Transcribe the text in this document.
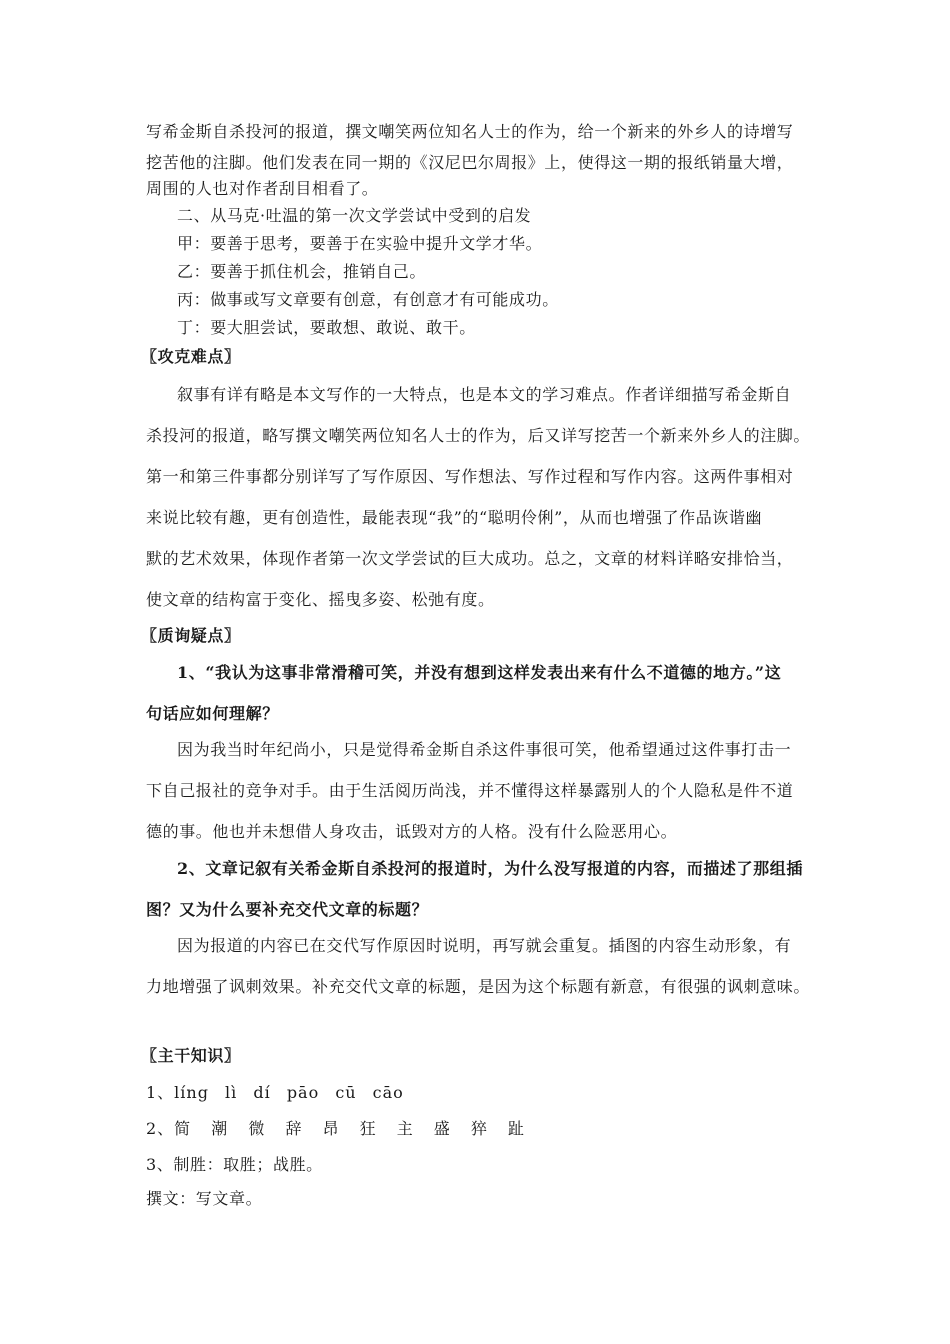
写希金斯自杀投河的报道，撰文嘲笑两位知名人士的作为，给一个新来的外乡人的诗增写
挖苦他的注脚。他们发表在同一期的《汉尼巴尔周报》上，使得这一期的报纸销量大增，
周围的人也对作者刮目相看了。
二、从马克·吐温的第一次文学尝试中受到的启发
甲：要善于思考，要善于在实验中提升文学才华。
乙：要善于抓住机会，推销自己。
丙：做事或写文章要有创意，有创意才有可能成功。
丁：要大胆尝试，要敢想、敢说、敢干。
〖攻克难点〗
叙事有详有略是本文写作的一大特点，也是本文的学习难点。作者详细描写希金斯自
杀投河的报道，略写撰文嘲笑两位知名人士的作为，后又详写挖苦一个新来外乡人的注脚。
第一和第三件事都分别详写了写作原因、写作想法、写作过程和写作内容。这两件事相对
来说比较有趣，更有创造性，最能表现“我”的“聪明伶俐”，从而也增强了作品诙谐幽
默的艺术效果，体现作者第一次文学尝试的巨大成功。总之，文章的材料详略安排恰当，
使文章的结构富于变化、摇曳多姿、松弛有度。
〖质询疑点〗
1、“我认为这事非常滑稽可笑，并没有想到这样发表出来有什么不道德的地方。”这
句话应如何理解？
因为我当时年纪尚小，只是觉得希金斯自杀这件事很可笑，他希望通过这件事打击一
下自己报社的竞争对手。由于生活阅历尚浅，并不懂得这样暴露别人的个人隐私是件不道
德的事。他也并未想借人身攻击，诋毁对方的人格。没有什么险恶用心。
2、文章记叙有关希金斯自杀投河的报道时，为什么没写报道的内容，而描述了那组插
图？又为什么要补充交代文章的标题？
因为报道的内容已在交代写作原因时说明，再写就会重复。插图的内容生动形象，有
力地增强了讽刺效果。补充交代文章的标题，是因为这个标题有新意，有很强的讽刺意味。
〖主干知识〗
1、líng lì dí pāo cū cāo
2、简 潮 微 辞 昂 狂 主 盛 猝 趾
3、制胜：取胜；战胜。
撰文：写文章。
